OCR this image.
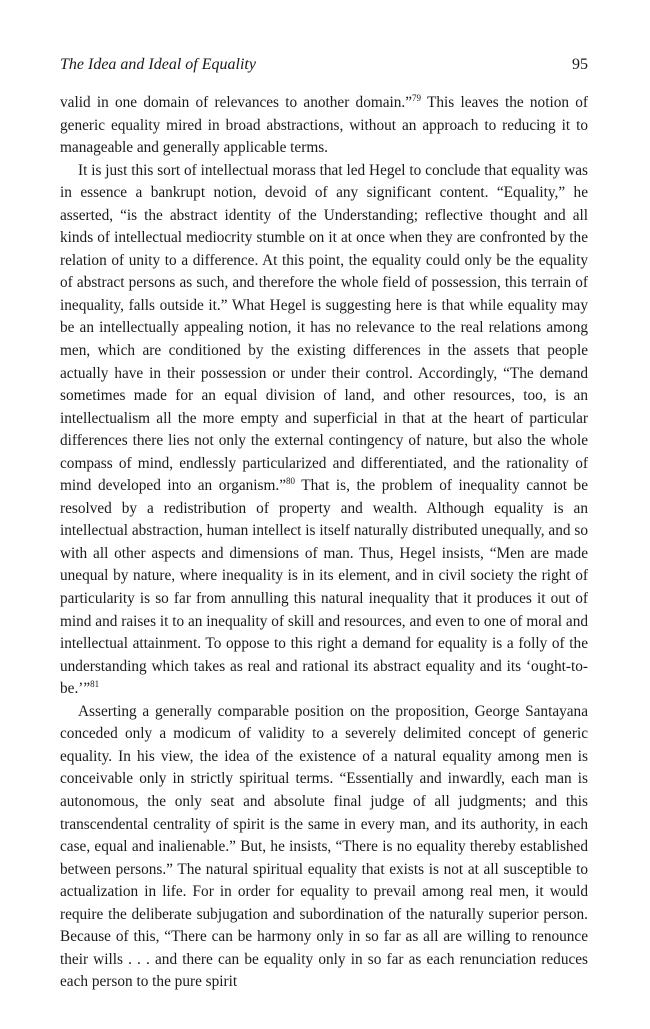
The Idea and Ideal of Equality	95

valid in one domain of relevances to another domain.”$^{79}$ This leaves the notion of generic equality mired in broad abstractions, without an approach to reducing it to manageable and generally applicable terms.

It is just this sort of intellectual morass that led Hegel to conclude that equality was in essence a bankrupt notion, devoid of any significant content. “Equality,” he asserted, “is the abstract identity of the Understanding; reflective thought and all kinds of intellectual mediocrity stumble on it at once when they are confronted by the relation of unity to a difference. At this point, the equality could only be the equality of abstract persons as such, and therefore the whole field of possession, this terrain of inequality, falls outside it.” What Hegel is suggesting here is that while equality may be an intellectually appealing notion, it has no relevance to the real relations among men, which are conditioned by the existing differences in the assets that people actually have in their possession or under their control. Accordingly, “The demand sometimes made for an equal division of land, and other resources, too, is an intellectualism all the more empty and superficial in that at the heart of particular differences there lies not only the external contingency of nature, but also the whole compass of mind, endlessly particularized and differentiated, and the rationality of mind developed into an organism.”$^{80}$ That is, the problem of inequality cannot be resolved by a redistribution of property and wealth. Although equality is an intellectual abstraction, human intellect is itself naturally distributed unequally, and so with all other aspects and dimensions of man. Thus, Hegel insists, “Men are made unequal by nature, where inequality is in its element, and in civil society the right of particularity is so far from annulling this natural inequality that it produces it out of mind and raises it to an inequality of skill and resources, and even to one of moral and intellectual attainment. To oppose to this right a demand for equality is a folly of the understanding which takes as real and rational its abstract equality and its ‘ought-to-be.’”$^{81}$

Asserting a generally comparable position on the proposition, George Santayana conceded only a modicum of validity to a severely delimited concept of generic equality. In his view, the idea of the existence of a natural equality among men is conceivable only in strictly spiritual terms. “Essentially and inwardly, each man is autonomous, the only seat and absolute final judge of all judgments; and this transcendental centrality of spirit is the same in every man, and its authority, in each case, equal and inalienable.” But, he insists, “There is no equality thereby established between persons.” The natural spiritual equality that exists is not at all susceptible to actualization in life. For in order for equality to prevail among real men, it would require the deliberate subjugation and subordination of the naturally superior person. Because of this, “There can be harmony only in so far as all are willing to renounce their wills . . . and there can be equality only in so far as each renunciation reduces each person to the pure spirit
